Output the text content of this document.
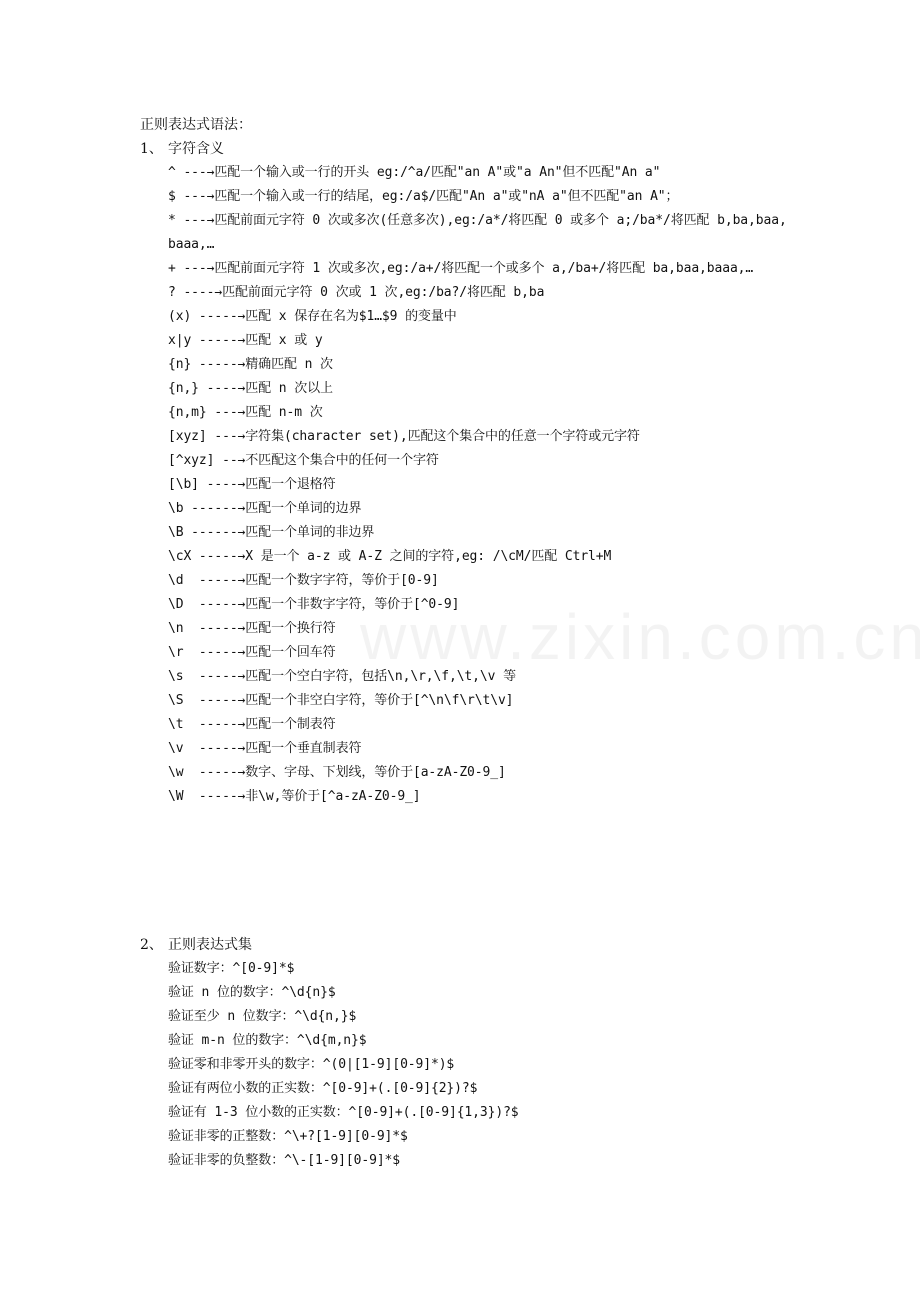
正则表达式语法：
1、 字符含义
^ ---→匹配一个输入或一行的开头 eg:/^a/匹配"an A"或"a An"但不匹配"An a"
$ ---→匹配一个输入或一行的结尾，eg:/a$/匹配"An a"或"nA a"但不匹配"an A"；
* ---→匹配前面元字符 0 次或多次(任意多次),eg:/a*/将匹配 0 或多个 a;/ba*/将匹配 b,ba,baa,baaa,…
+ ---→匹配前面元字符 1 次或多次,eg:/a+/将匹配一个或多个 a,/ba+/将匹配 ba,baa,baaa,…
? ----→匹配前面元字符 0 次或 1 次,eg:/ba?/将匹配 b,ba
(x) -----→匹配 x 保存在名为$1…$9 的变量中
x|y -----→匹配 x 或 y
{n} -----→精确匹配 n 次
{n,} ----→匹配 n 次以上
{n,m} ---→匹配 n-m 次
[xyz] ---→字符集(character set),匹配这个集合中的任意一个字符或元字符
[^xyz] --→不匹配这个集合中的任何一个字符
[\b] ----→匹配一个退格符
\b ------→匹配一个单词的边界
\B ------→匹配一个单词的非边界
\cX -----→X 是一个 a-z 或 A-Z 之间的字符,eg: /\cM/匹配 Ctrl+M
\d  -----→匹配一个数字字符，等价于[0-9]
\D  -----→匹配一个非数字字符，等价于[^0-9]
\n  -----→匹配一个换行符
\r  -----→匹配一个回车符
\s  -----→匹配一个空白字符，包括\n,\r,\f,\t,\v 等
\S  -----→匹配一个非空白字符，等价于[^\n\f\r\t\v]
\t  -----→匹配一个制表符
\v  -----→匹配一个垂直制表符
\w  -----→数字、字母、下划线，等价于[a-zA-Z0-9_]
\W  -----→非\w,等价于[^a-zA-Z0-9_]
2、 正则表达式集
验证数字：^[0-9]*$
验证 n 位的数字：^\d{n}$
验证至少 n 位数字：^\d{n,}$
验证 m-n 位的数字：^\d{m,n}$
验证零和非零开头的数字：^(0|[1-9][0-9]*)$
验证有两位小数的正实数：^[0-9]+(.[0-9]{2})?$
验证有 1-3 位小数的正实数：^[0-9]+(.[0-9]{1,3})?$
验证非零的正整数：^\+?[1-9][0-9]*$
验证非零的负整数：^\-[1-9][0-9]*$
